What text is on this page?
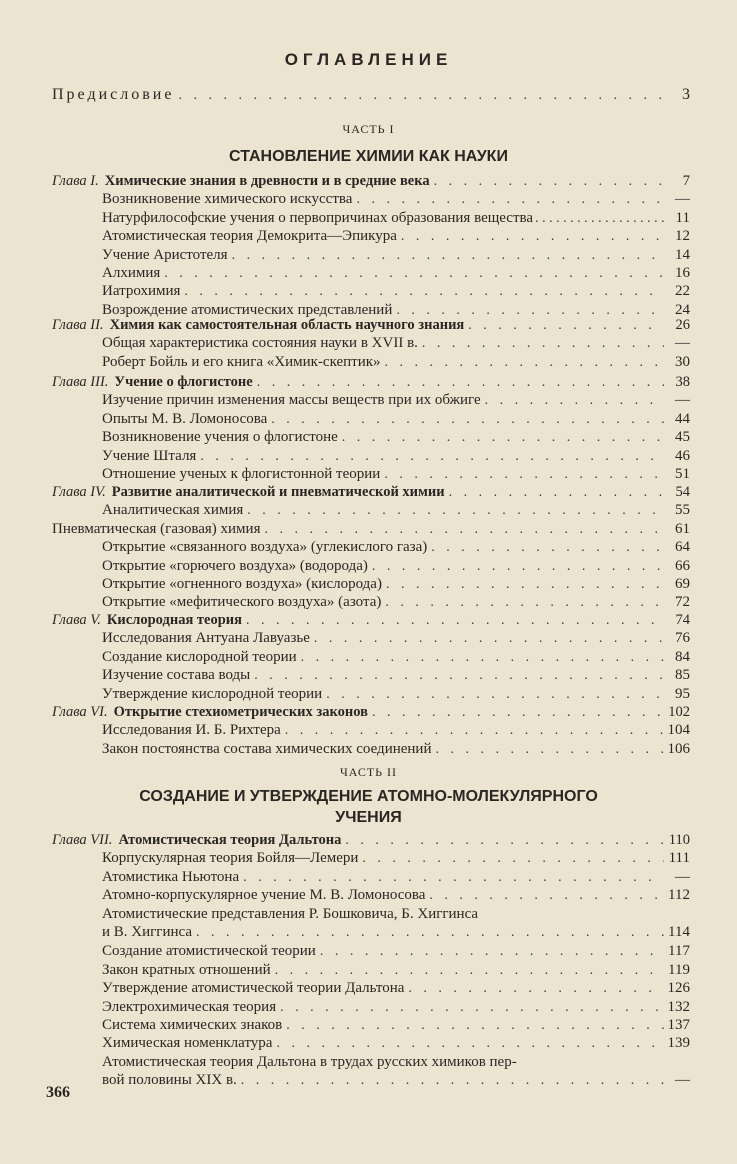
ОГЛАВЛЕНИЕ
Предисловие . . .	3
ЧАСТЬ I
СТАНОВЛЕНИЕ ХИМИИ КАК НАУКИ
Глава I. Химические знания в древности и в средние века . . .	7
Возникновение химического искусства . . .	—
Натурфилософские учения о первопричинах образования вещества . . .	11
Атомистическая теория Демокрита—Эпикура . . .	12
Учение Аристотеля . . .	14
Алхимия . . .	16
Иатрохимия . . .	22
Возрождение атомистических представлений . . .	24
Глава II. Химия как самостоятельная область научного знания . . .	26
Общая характеристика состояния науки в XVII в. . . .	—
Роберт Бойль и его книга «Химик-скептик» . . .	30
Глава III. Учение о флогистоне . . .	38
Изучение причин изменения массы веществ при их обжиге . . .	—
Опыты М. В. Ломоносова . . .	44
Возникновение учения о флогистоне . . .	45
Учение Шталя . . .	46
Отношение ученых к флогистонной теории . . .	51
Глава IV. Развитие аналитической и пневматической химии . . .	54
Аналитическая химия . . .	55
Пневматическая (газовая) химия . . .	61
Открытие «связанного воздуха» (углекислого газа) . . .	64
Открытие «горючего воздуха» (водорода) . . .	66
Открытие «огненного воздуха» (кислорода) . . .	69
Открытие «мефитического воздуха» (азота) . . .	72
Глава V. Кислородная теория . . .	74
Исследования Антуана Лавуазье . . .	76
Создание кислородной теории . . .	84
Изучение состава воды . . .	85
Утверждение кислородной теории . . .	95
Глава VI. Открытие стехиометрических законов . . .	102
Исследования И. Б. Рихтера . . .	104
Закон постоянства состава химических соединений . . .	106
ЧАСТЬ II
СОЗДАНИЕ И УТВЕРЖДЕНИЕ АТОМНО-МОЛЕКУЛЯРНОГО
УЧЕНИЯ
Глава VII. Атомистическая теория Дальтона . . .	110
Корпускулярная теория Бойля—Лемери . . .	111
Атомистика Ньютона . . .	—
Атомно-корпускулярное учение М. В. Ломоносова . . .	112
Атомистические представления Р. Бошковича, Б. Хиггинса
и В. Хиггинса . . .	114
Создание атомистической теории . . .	117
Закон кратных отношений . . .	119
Утверждение атомистической теории Дальтона . . .	126
Электрохимическая теория . . .	132
Система химических знаков . . .	137
Химическая номенклатура . . .	139
Атомистическая теория Дальтона в трудах русских химиков пер-
вой половины XIX в. . . .	—
366
